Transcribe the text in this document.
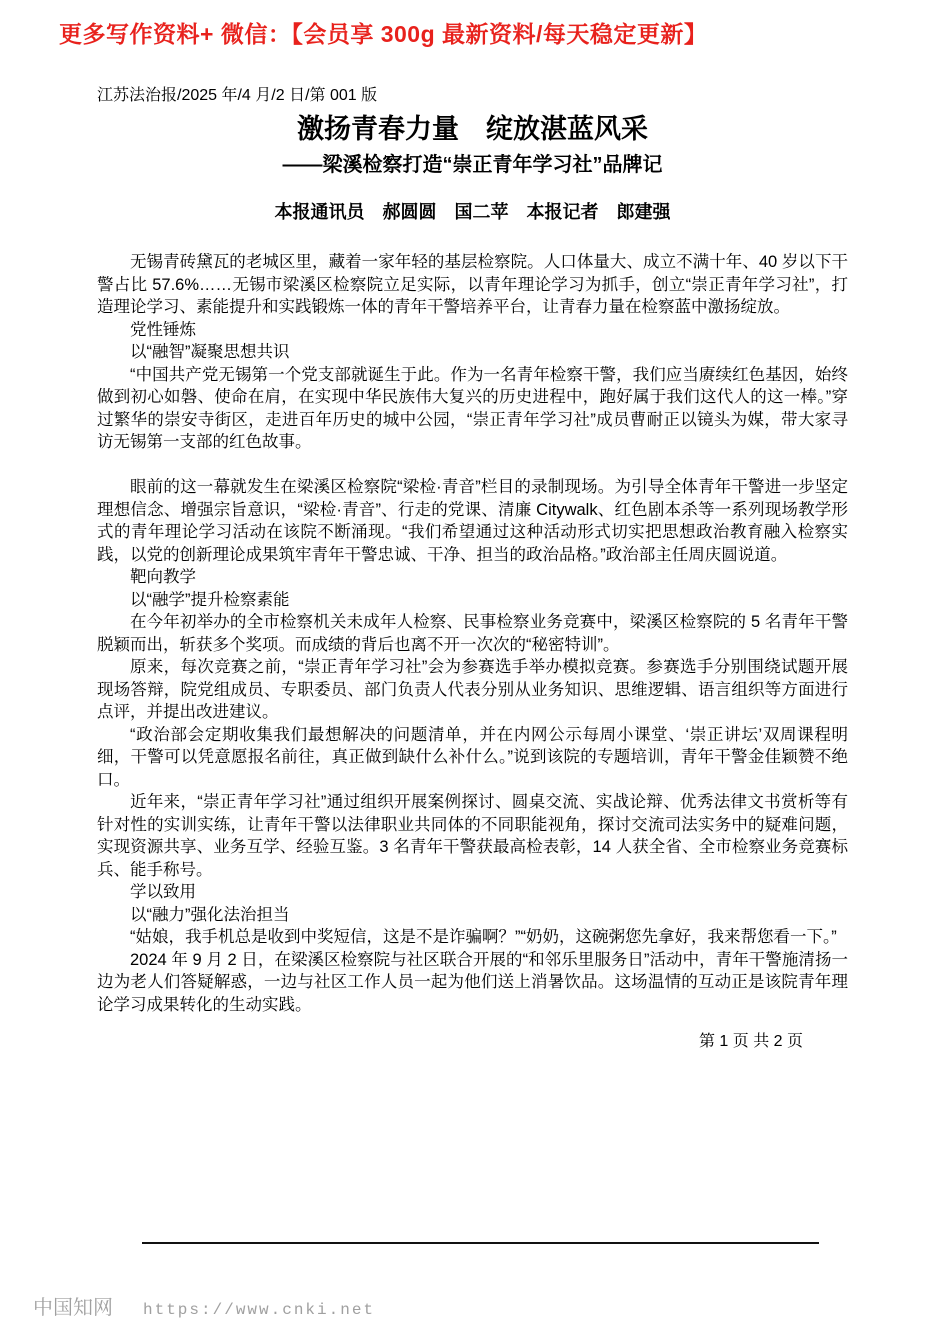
更多写作资料+ 微信：【会员享 300g 最新资料/每天稳定更新】

江苏法治报/2025 年/4 月/2 日/第 001 版

激扬青春力量　绽放湛蓝风采
——梁溪检察打造“崇正青年学习社”品牌记
本报通讯员　郝圆圆　国二苹　本报记者　郎建强

无锡青砖黛瓦的老城区里，藏着一家年轻的基层检察院。人口体量大、成立不满十年、40 岁以下干警占比 57.6%……无锡市梁溪区检察院立足实际，以青年理论学习为抓手，创立“崇正青年学习社”，打造理论学习、素能提升和实践锻炼一体的青年干警培养平台，让青春力量在检察蓝中激扬绽放。

党性锤炼

以“融智”凝聚思想共识

“中国共产党无锡第一个党支部就诞生于此。作为一名青年检察干警，我们应当赓续红色基因，始终做到初心如磐、使命在肩，在实现中华民族伟大复兴的历史进程中，跑好属于我们这代人的这一棒。”穿过繁华的崇安寺街区，走进百年历史的城中公园，“崇正青年学习社”成员曹耐正以镜头为媒，带大家寻访无锡第一支部的红色故事。

眼前的这一幕就发生在梁溪区检察院“梁检·青音”栏目的录制现场。为引导全体青年干警进一步坚定理想信念、增强宗旨意识，“梁检·青音”、行走的党课、清廉 Citywalk、红色剧本杀等一系列现场教学形式的青年理论学习活动在该院不断涌现。“我们希望通过这种活动形式切实把思想政治教育融入检察实践，以党的创新理论成果筑牢青年干警忠诚、干净、担当的政治品格。”政治部主任周庆圆说道。

靶向教学

以“融学”提升检察素能

在今年初举办的全市检察机关未成年人检察、民事检察业务竞赛中，梁溪区检察院的 5 名青年干警脱颖而出，斩获多个奖项。而成绩的背后也离不开一次次的“秘密特训”。

原来，每次竞赛之前，“崇正青年学习社”会为参赛选手举办模拟竞赛。参赛选手分别围绕试题开展现场答辩，院党组成员、专职委员、部门负责人代表分别从业务知识、思维逻辑、语言组织等方面进行点评，并提出改进建议。

“政治部会定期收集我们最想解决的问题清单，并在内网公示每周小课堂、‘崇正讲坛’双周课程明细，干警可以凭意愿报名前往，真正做到缺什么补什么。”说到该院的专题培训，青年干警金佳颖赞不绝口。

近年来，“崇正青年学习社”通过组织开展案例探讨、圆桌交流、实战论辩、优秀法律文书赏析等有针对性的实训实练，让青年干警以法律职业共同体的不同职能视角，探讨交流司法实务中的疑难问题，实现资源共享、业务互学、经验互鉴。3 名青年干警获最高检表彰，14 人获全省、全市检察业务竞赛标兵、能手称号。

学以致用

以“融力”强化法治担当

“姑娘，我手机总是收到中奖短信，这是不是诈骗啊？”“奶奶，这碗粥您先拿好，我来帮您看一下。”

2024 年 9 月 2 日，在梁溪区检察院与社区联合开展的“和邻乐里服务日”活动中，青年干警施清扬一边为老人们答疑解惑，一边与社区工作人员一起为他们送上消暑饮品。这场温情的互动正是该院青年理论学习成果转化的生动实践。

第 1 页 共 2 页
中国知网 https://www.cnki.net
